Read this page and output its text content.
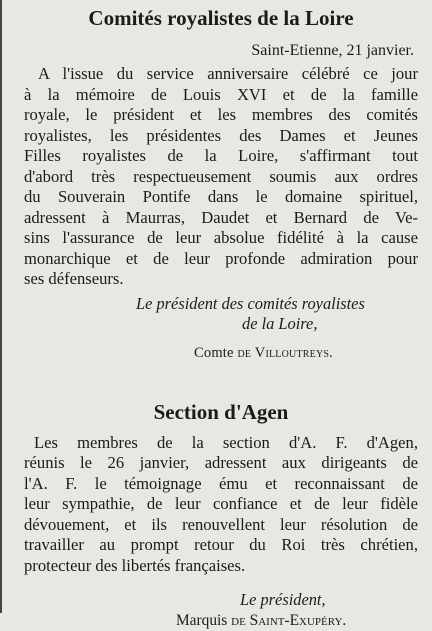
Comités royalistes de la Loire
Saint-Etienne, 21 janvier.

A l'issue du service anniversaire célébré ce jour
à la mémoire de Louis XVI et de la famille
royale, le président et les membres des comités
royalistes, les présidentes des Dames et Jeunes
Filles royalistes de la Loire, s'affirmant tout
d'abord très respectueusement soumis aux ordres
du Souverain Pontife dans le domaine spirituel,
adressent à Maurras, Daudet et Bernard de Ve-
sins l'assurance de leur absolue fidélité à la cause
monarchique et de leur profonde admiration pour
ses défenseurs.

Le président des comités royalistes
de la Loire,
Comte de Villoutreys.
Section d'Agen

Les membres de la section d'A. F. d'Agen,
réunis le 26 janvier, adressent aux dirigeants de
l'A. F. le témoignage ému et reconnaissant de
leur sympathie, de leur confiance et de leur fidèle
dévouement, et ils renouvellent leur résolution de
travailler au prompt retour du Roi très chrétien,
protecteur des libertés françaises.

Le président,
Marquis de Saint-Exupéry.
